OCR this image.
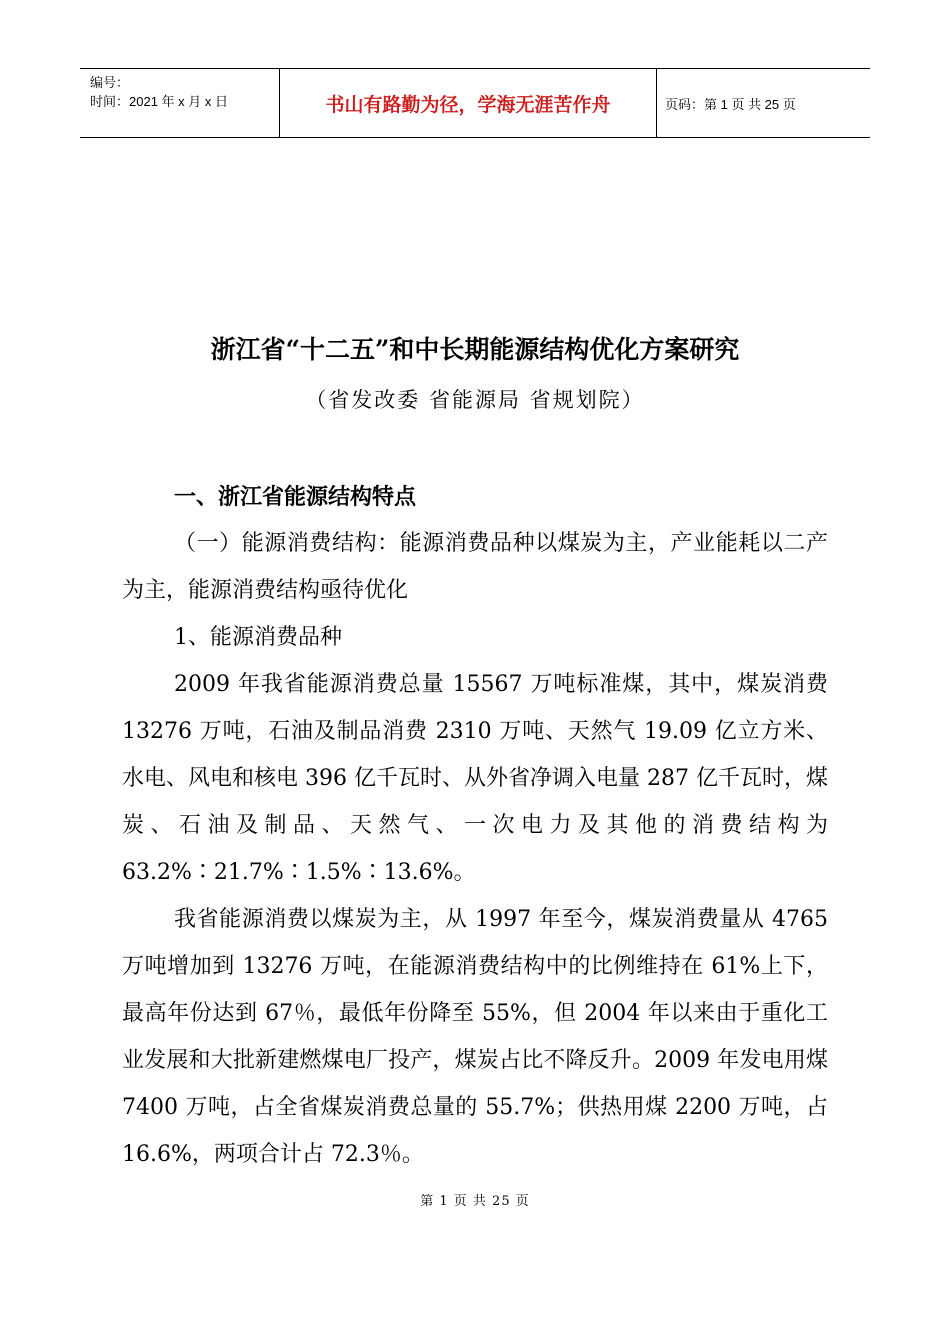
编号：
时间：2021 年 x 月 x 日	书山有路勤为径，学海无涯苦作舟	页码：第 1 页 共 25 页
浙江省“十二五”和中长期能源结构优化方案研究
（省发改委 省能源局 省规划院）
一、浙江省能源结构特点

（一）能源消费结构：能源消费品种以煤炭为主，产业能耗以二产为主，能源消费结构亟待优化

1、能源消费品种

2009 年我省能源消费总量 15567 万吨标准煤，其中，煤炭消费 13276 万吨，石油及制品消费 2310 万吨、天然气 19.09 亿立方米、水电、风电和核电 396 亿千瓦时、从外省净调入电量 287 亿千瓦时，煤炭、石油及制品、天然气、一次电力及其他的消费结构为 63.2%∶21.7%∶1.5%∶13.6%。

我省能源消费以煤炭为主，从 1997 年至今，煤炭消费量从 4765 万吨增加到 13276 万吨，在能源消费结构中的比例维持在 61%上下，最高年份达到 67％，最低年份降至 55%，但 2004 年以来由于重化工业发展和大批新建燃煤电厂投产，煤炭占比不降反升。2009 年发电用煤 7400 万吨，占全省煤炭消费总量的 55.7%；供热用煤 2200 万吨，占 16.6%，两项合计占 72.3％。

第 1 页 共 25 页
